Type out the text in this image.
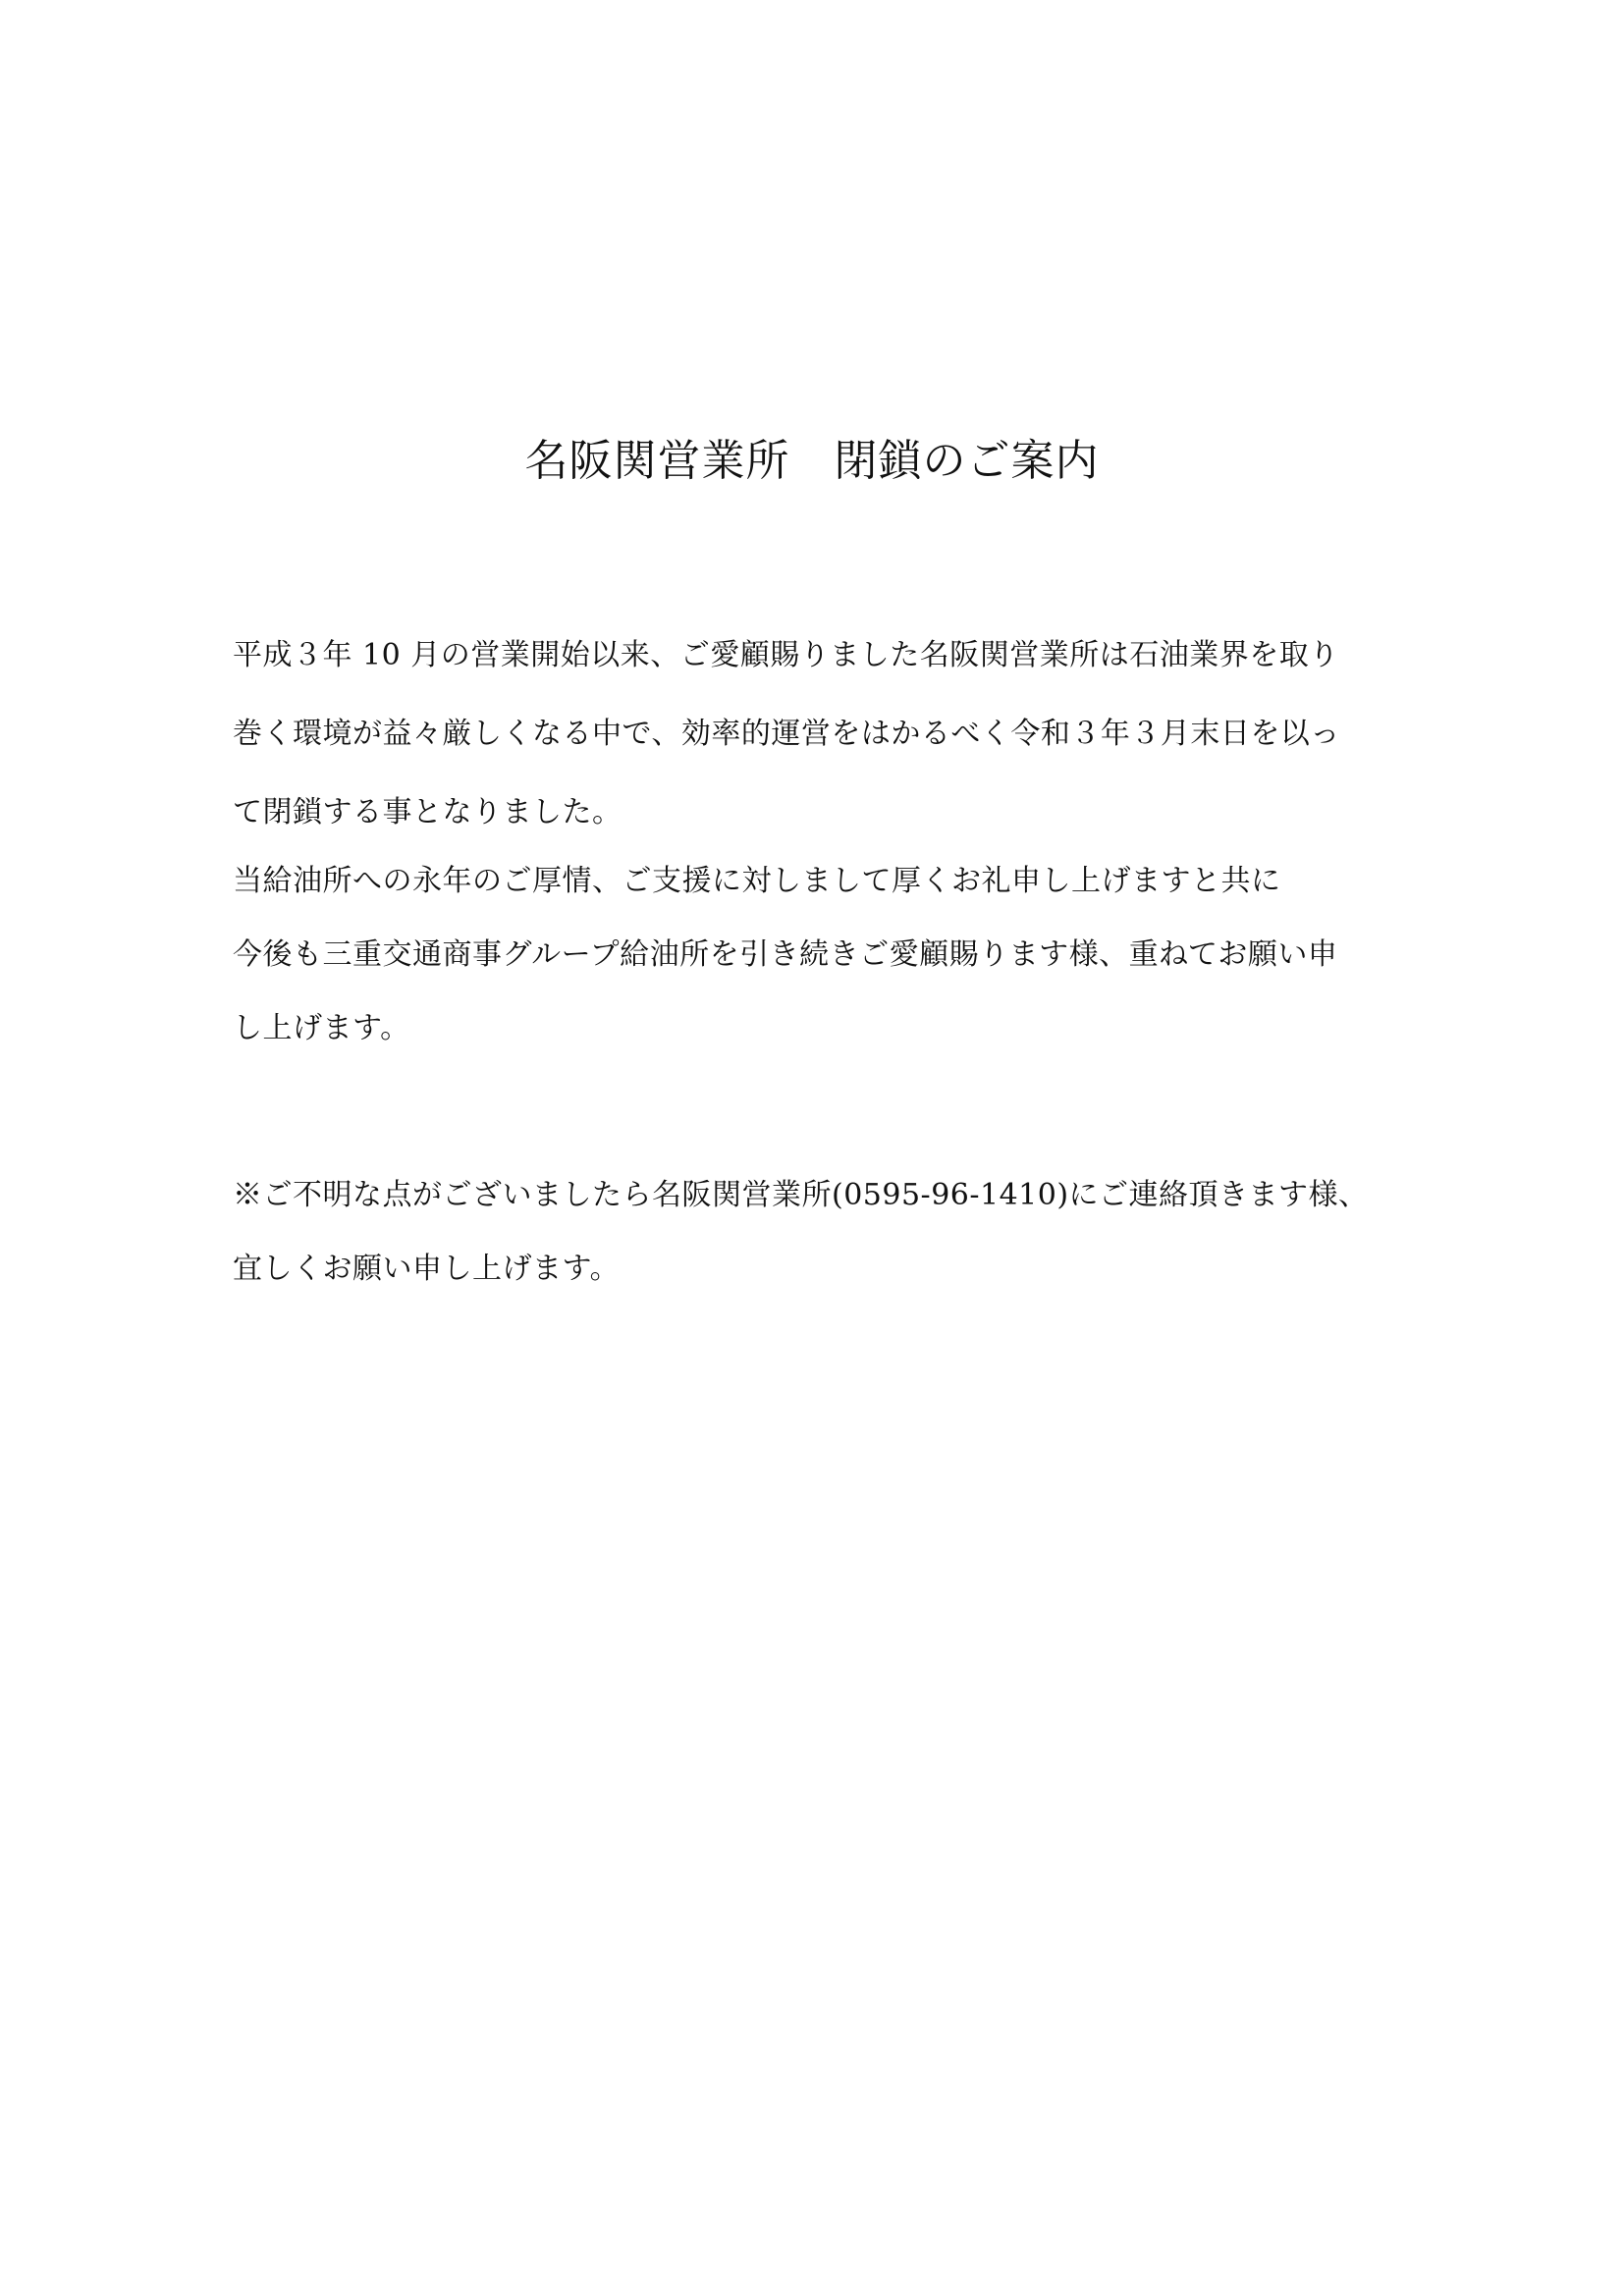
名阪関営業所　閉鎖のご案内

平成３年 10 月の営業開始以来、ご愛顧賜りました名阪関営業所は石油業界を取り

巻く環境が益々厳しくなる中で、効率的運営をはかるべく令和３年３月末日を以っ

て閉鎖する事となりました。

当給油所への永年のご厚情、ご支援に対しまして厚くお礼申し上げますと共に

今後も三重交通商事グループ給油所を引き続きご愛顧賜ります様、重ねてお願い申

し上げます。

※ご不明な点がございましたら名阪関営業所(0595-96-1410)にご連絡頂きます様、

宜しくお願い申し上げます。
